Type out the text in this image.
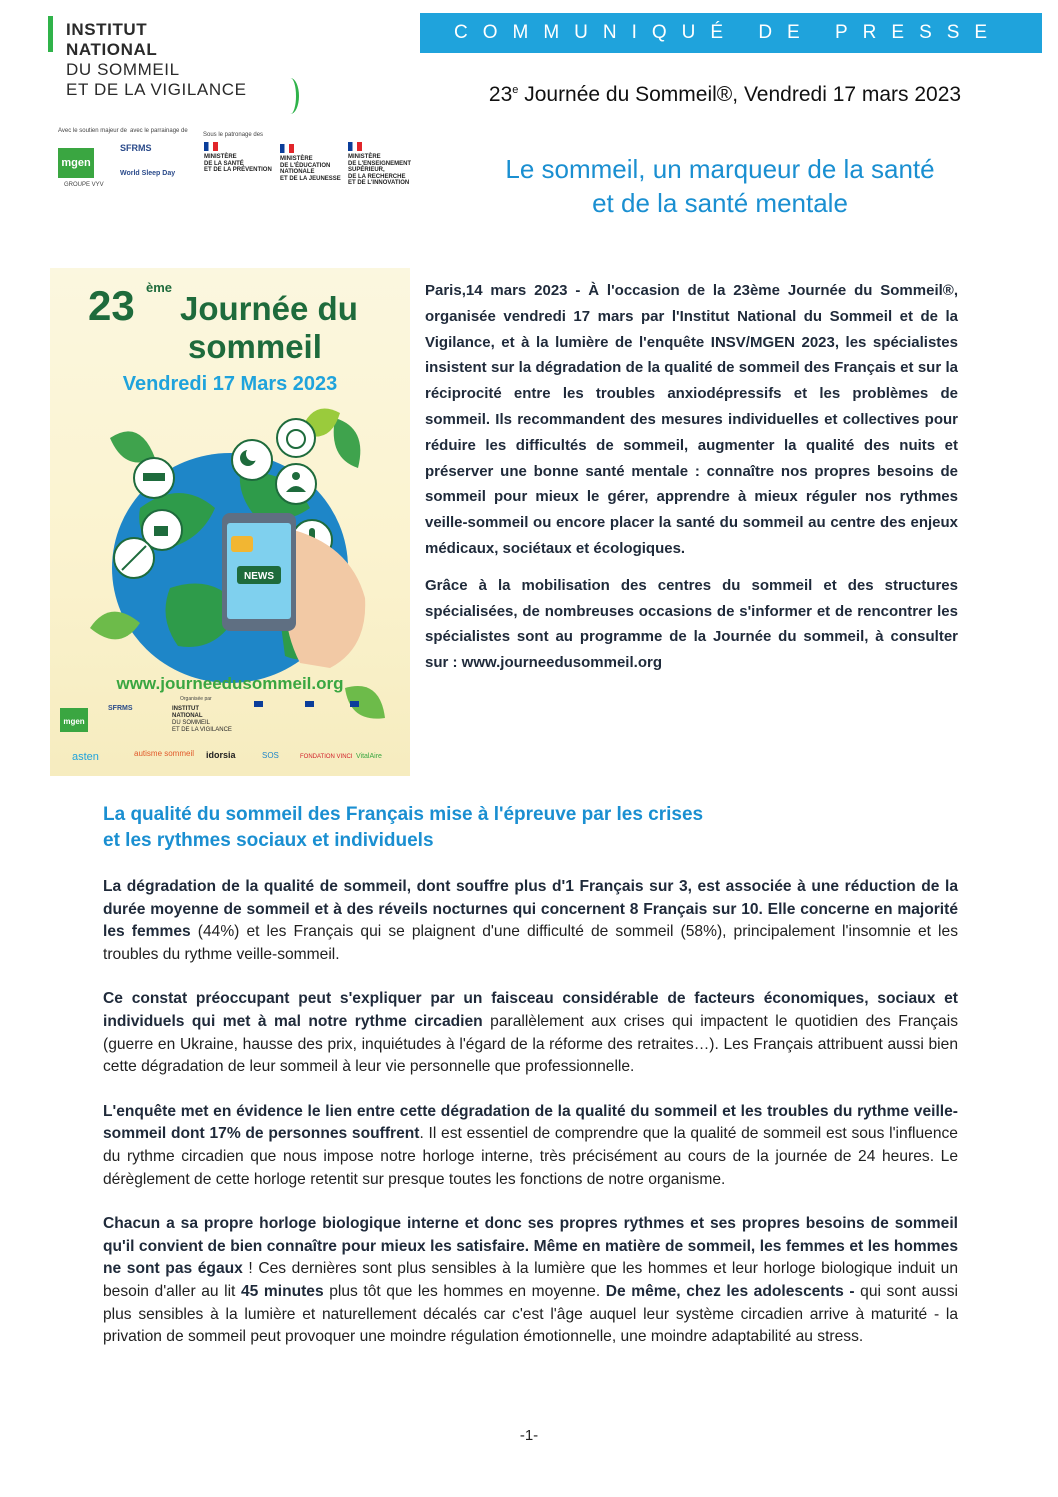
INSTITUT
NATIONAL
DU SOMMEIL
ET DE LA VIGILANCE
Avec le soutien majeur de avec le parrainage de
Sous le patronage des
mgen
GROUPE VYV
SFRMS
World Sleep Day
MINISTÈRE
DE LA SANTÉ
ET DE LA PRÉVENTION
MINISTÈRE
DE L'ÉDUCATION
NATIONALE
ET DE LA JEUNESSE
MINISTÈRE
DE L'ENSEIGNEMENT
SUPÉRIEUR,
DE LA RECHERCHE
ET DE L'INNOVATION
COMMUNIQUÉ DE PRESSE
23e Journée du Sommeil®, Vendredi 17 mars 2023
Le sommeil, un marqueur de la santé
et de la santé mentale
23 ème
Journée du
sommeil
Vendredi 17 Mars 2023
NEWS
www.journeedusommeil.org
mgen
SFRMS
Organisée par
INSTITUT
NATIONAL
DU SOMMEIL
ET DE LA VIGILANCE
asten	autisme sommeil idorsia	SOS	FONDATION VINCI VitalAire

Paris,14 mars 2023 - À l'occasion de la 23ème Journée du Sommeil®, organisée vendredi 17 mars par l'Institut National du Sommeil et de la Vigilance, et à la lumière de l'enquête INSV/MGEN 2023, les spécialistes insistent sur la dégradation de la qualité de sommeil des Français et sur la réciprocité entre les troubles anxiodépressifs et les problèmes de sommeil. Ils recommandent des mesures individuelles et collectives pour réduire les difficultés de sommeil, augmenter la qualité des nuits et préserver une bonne santé mentale : connaître nos propres besoins de sommeil pour mieux le gérer, apprendre à mieux réguler nos rythmes veille-sommeil ou encore placer la santé du sommeil au centre des enjeux médicaux, sociétaux et écologiques.

Grâce à la mobilisation des centres du sommeil et des structures spécialisées, de nombreuses occasions de s'informer et de rencontrer les spécialistes sont au programme de la Journée du sommeil, à consulter sur : www.journeedusommeil.org

La qualité du sommeil des Français mise à l'épreuve par les crises
et les rythmes sociaux et individuels

La dégradation de la qualité de sommeil, dont souffre plus d'1 Français sur 3, est associée à une réduction de la durée moyenne de sommeil et à des réveils nocturnes qui concernent 8 Français sur 10. Elle concerne en majorité les femmes (44%) et les Français qui se plaignent d'une difficulté de sommeil (58%), principalement l'insomnie et les troubles du rythme veille-sommeil.

Ce constat préoccupant peut s'expliquer par un faisceau considérable de facteurs économiques, sociaux et individuels qui met à mal notre rythme circadien parallèlement aux crises qui impactent le quotidien des Français (guerre en Ukraine, hausse des prix, inquiétudes à l'égard de la réforme des retraites…). Les Français attribuent aussi bien cette dégradation de leur sommeil à leur vie personnelle que professionnelle.

L'enquête met en évidence le lien entre cette dégradation de la qualité du sommeil et les troubles du rythme veille-sommeil dont 17% de personnes souffrent. Il est essentiel de comprendre que la qualité de sommeil est sous l'influence du rythme circadien que nous impose notre horloge interne, très précisément au cours de la journée de 24 heures. Le dérèglement de cette horloge retentit sur presque toutes les fonctions de notre organisme.

Chacun a sa propre horloge biologique interne et donc ses propres rythmes et ses propres besoins de sommeil qu'il convient de bien connaître pour mieux les satisfaire. Même en matière de sommeil, les femmes et les hommes ne sont pas égaux ! Ces dernières sont plus sensibles à la lumière que les hommes et leur horloge biologique induit un besoin d'aller au lit 45 minutes plus tôt que les hommes en moyenne. De même, chez les adolescents - qui sont aussi plus sensibles à la lumière et naturellement décalés car c'est l'âge auquel leur système circadien arrive à maturité - la privation de sommeil peut provoquer une moindre régulation émotionnelle, une moindre adaptabilité au stress.

-1-
